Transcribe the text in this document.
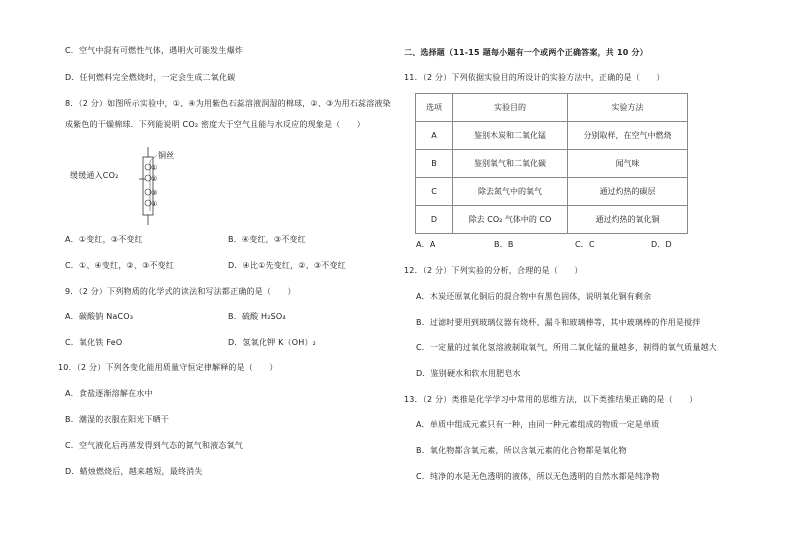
C．空气中混有可燃性气体，遇明火可能发生爆炸
D．任何燃料完全燃烧时，一定会生成二氧化碳
8．（2 分）如图所示实验中，①、④为用紫色石蕊溶液润湿的棉球，②、③为用石蕊溶液染
成紫色的干燥棉球．下列能说明 CO₂ 密度大于空气且能与水反应的现象是（　　）
缓缓通入CO₂
铜丝
①
②
③
④
A．①变红，③不变红	B．④变红，③不变红
C．①、④变红，②、③不变红	D．④比①先变红，②、③不变红
9．（2 分）下列物质的化学式的读法和写法都正确的是（　　）
A．碳酸钠 NaCO₃	B．硫酸 H₂SO₄
C．氧化铁 FeO	D．氢氧化钾 K（OH）₂
10．（2 分）下列各变化能用质量守恒定律解释的是（　　）
A．食盐逐渐溶解在水中
B．潮湿的衣服在阳光下晒干
C．空气液化后再蒸发得到气态的氮气和液态氧气
D．蜡烛燃烧后，越来越短，最终消失
二、选择题（11-15 题每小题有一个或两个正确答案，共 10 分）
11．（2 分）下列依据实验目的所设计的实验方法中，正确的是（　　）
选项	实验目的	实验方法
A	鉴别木炭和二氧化锰	分别取样，在空气中燃烧
B	鉴别氧气和二氧化碳	闻气味
C	除去氮气中的氧气	通过灼热的碳层
D	除去 CO₂ 气体中的 CO	通过灼热的氧化铜
A．A	B．B	C．C	D．D
12．（2 分）下列实验的分析，合理的是（　　）
A．木炭还原氧化铜后的混合物中有黑色固体，说明氧化铜有剩余
B．过滤时要用到玻璃仪器有烧杯、漏斗和玻璃棒等，其中玻璃棒的作用是搅拌
C．一定量的过氧化氢溶液制取氧气，所用二氧化锰的量越多，制得的氧气质量越大
D．鉴别硬水和软水用肥皂水
13．（2 分）类推是化学学习中常用的思维方法，以下类推结果正确的是（　　）
A．单质中组成元素只有一种，由同一种元素组成的物质一定是单质
B．氧化物都含氧元素，所以含氧元素的化合物都是氧化物
C．纯净的水是无色透明的液体，所以无色透明的自然水都是纯净物
